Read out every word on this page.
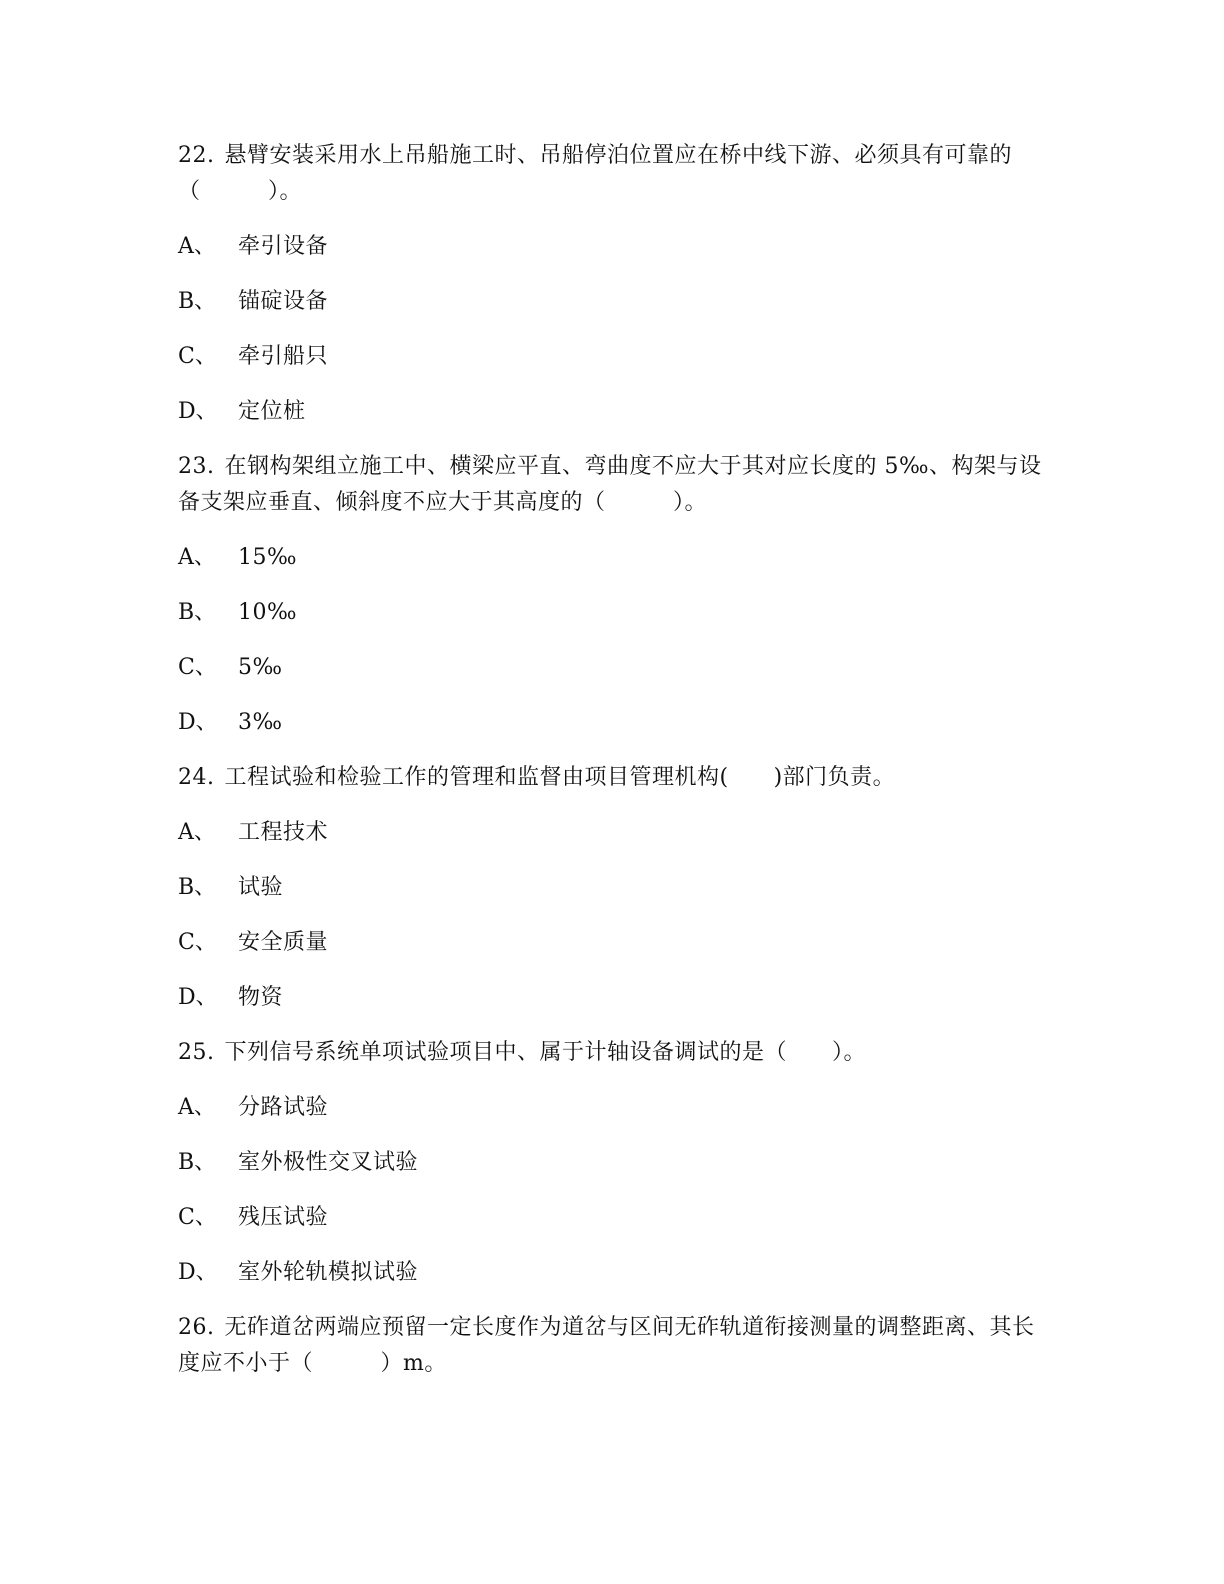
22. 悬臂安装采用水上吊船施工时、吊船停泊位置应在桥中线下游、必须具有可靠的（　　　）。
A、	牵引设备
B、 锚碇设备
C、 牵引船只
D、 定位桩
23. 在钢构架组立施工中、横梁应平直、弯曲度不应大于其对应长度的 5‰、构架与设备支架应垂直、倾斜度不应大于其高度的（　　　）。
A、	15‰
B、 10‰
C、 5‰
D、 3‰
24. 工程试验和检验工作的管理和监督由项目管理机构(　　)部门负责。
A、	工程技术
B、 试验
C、 安全质量
D、 物资
25. 下列信号系统单项试验项目中、属于计轴设备调试的是（　　）。
A、	分路试验
B、 室外极性交叉试验
C、 残压试验
D、 室外轮轨模拟试验
26. 无砟道岔两端应预留一定长度作为道岔与区间无砟轨道衔接测量的调整距离、其长度应不小于（　　　）m。
